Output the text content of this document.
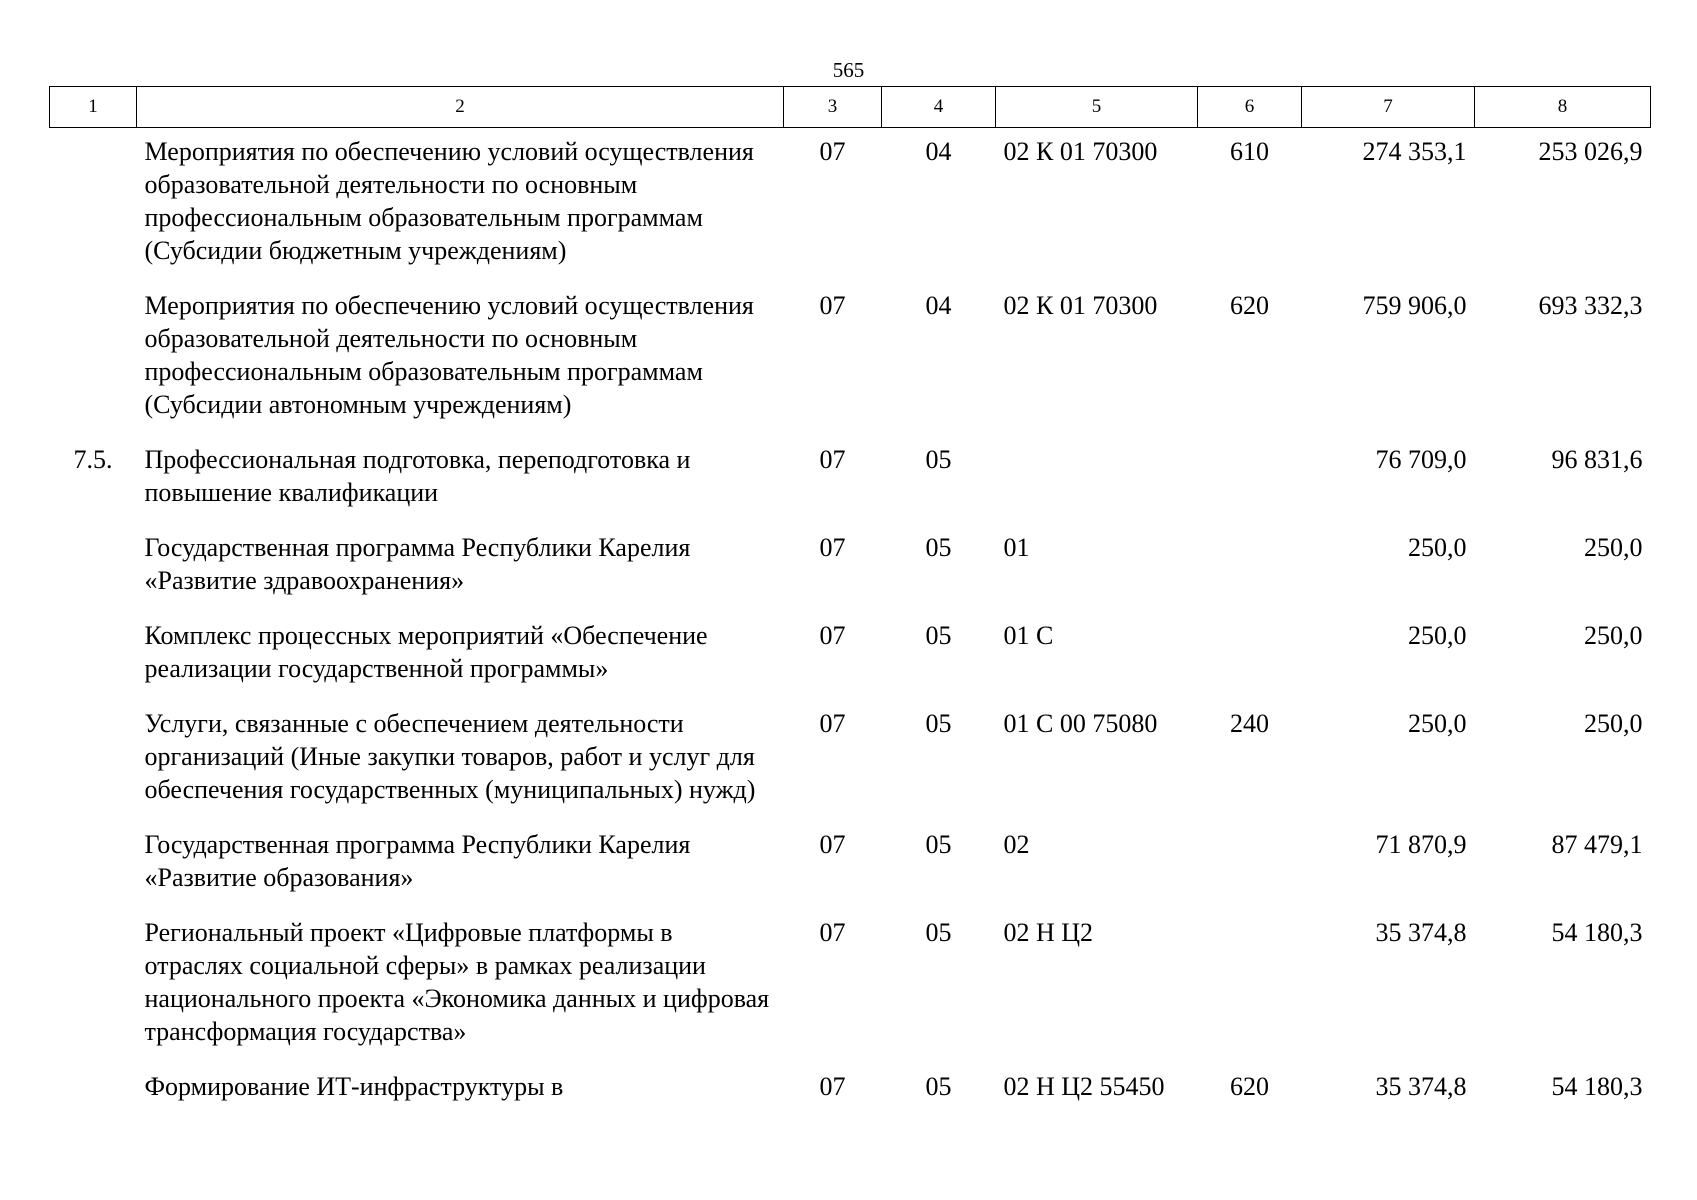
565
1	2	3	4	5	6	7	8
	Мероприятия по обеспечению условий осуществления образовательной деятельности по основным профессиональным образовательным программам (Субсидии бюджетным учреждениям)	07	04	02 К 01 70300	610	274 353,1	253 026,9
	Мероприятия по обеспечению условий осуществления образовательной деятельности по основным профессиональным образовательным программам (Субсидии автономным учреждениям)	07	04	02 К 01 70300	620	759 906,0	693 332,3
7.5.	Профессиональная подготовка, переподготовка и повышение квалификации	07	05			76 709,0	96 831,6
	Государственная программа Республики Карелия «Развитие здравоохранения»	07	05	01		250,0	250,0
	Комплекс процессных мероприятий «Обеспечение реализации государственной программы»	07	05	01 С		250,0	250,0
	Услуги, связанные с обеспечением деятельности организаций (Иные закупки товаров, работ и услуг для обеспечения государственных (муниципальных) нужд)	07	05	01 С 00 75080	240	250,0	250,0
	Государственная программа Республики Карелия «Развитие образования»	07	05	02		71 870,9	87 479,1
	Региональный проект «Цифровые платформы в отраслях социальной сферы» в рамках реализации национального проекта «Экономика данных и цифровая трансформация государства»	07	05	02 Н Ц2		35 374,8	54 180,3
	Формирование ИТ-инфраструктуры в	07	05	02 Н Ц2 55450	620	35 374,8	54 180,3
